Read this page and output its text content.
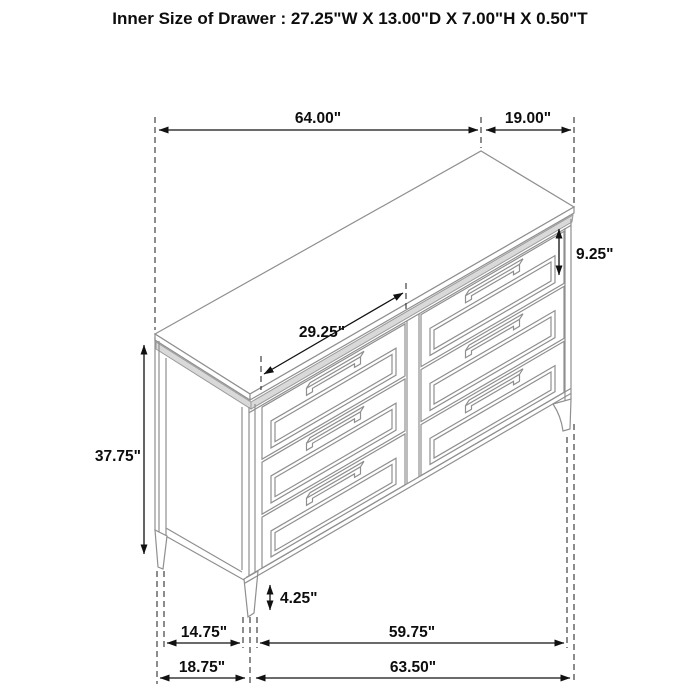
Inner Size of Drawer : 27.25"W X 13.00"D X 7.00"H X 0.50"T
64.00"	19.00"
9.25"
29.25"
37.75"
4.25"
14.75"	59.75"
18.75"	63.50"
